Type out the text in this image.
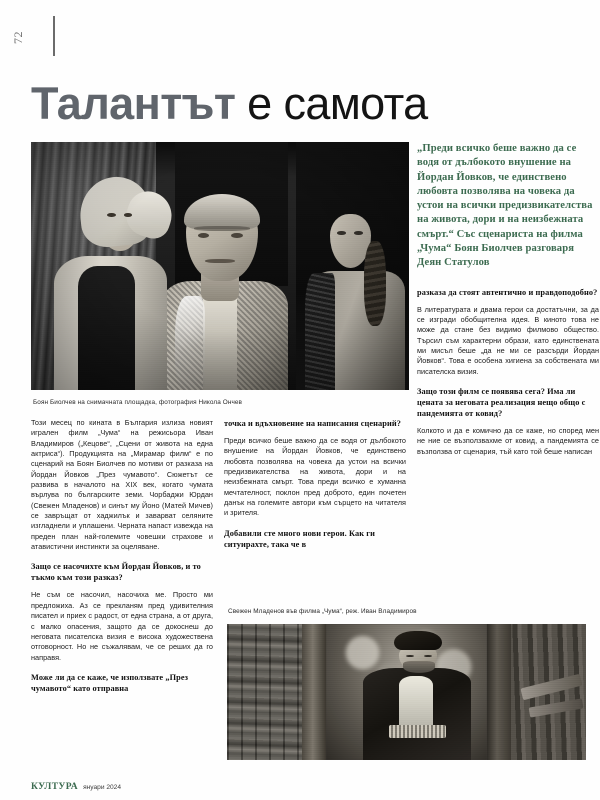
72
Талантът е самота
Боян Биолчев на снимачната площадка, фотография Никола Ончев

Този месец по кината в България излиза новият игрален филм „Чума“ на режисьора Иван Владимиров („Кецове“, „Сцени от живота на една актриса“). Продукцията на „Мирамар филм“ е по сценарий на Боян Биолчев по мотиви от разказа на Йордан Йовков „През чумавото“. Сюжетът се развива в началото на XIX век, когато чумата върлува по българските земи. Чорбаджи Юрдан (Свежен Младенов) и синът му Йоно (Матей Мичев) се завръщат от хаджилък и заварват селяните изгладнели и уплашени. Черната напаст извежда на преден план най-големите човешки страхове и атавистични инстинкти за оцеляване.

Защо се насочихте към Йордан Йовков, и то тъкмо към този разказ?

Не съм се насочил, насочиха ме. Просто ми предложиха. Аз се прекланям пред удивителния писател и приех с радост, от една страна, а от друга, с малко опасения, защото да се докоснеш до неговата писателска визия е висока художествена отговорност. Но не съжалявам, че се реших да го направя.

Може ли да се каже, че използвате „През чумавото“ като отправна

точка и вдъхновение на написания сценарий?

Преди всичко беше важно да се водя от дълбокото внушение на Йордан Йовков, че единствено любовта позволява на човека да устои на всички предизвикателства на живота, дори и на неизбежната смърт. Това преди всичко е хуманна мечтателност, поклон пред доброто, един почетен данък на големите автори към сърцето на читателя и зрителя.

Добавили сте много нови герои. Как ги ситуирахте, така че в

„Преди всичко беше важно да се водя от дълбокото внушение на Йордан Йовков, че единствено любовта позволява на човека да устои на всички предизвикателства на живота, дори и на неизбежната смърт.“ Със сценариста на филма „Чума“ Боян Биолчев разговаря Деян Статулов

разказа да стоят автентично и правдоподобно?

В литературата и двама герои са достатъчни, за да се изгради обобщителна идея. В киното това не може да стане без видимо филмово общество. Търсил съм характерни образи, като единствената ми мисъл беше „да не ми се разсърди Йордан Йовков“. Това е особена хигиена за собствената ми писателска визия.

Защо този филм се появява сега? Има ли цената за неговата реализация нещо общо с пандемията от ковид?

Колкото и да е комично да се каже, но според мен не ние се възползвахме от ковид, а пандемията се възползва от сценария, тъй като той беше написан

Свежен Младенов във филма „Чума“, реж. Иван Владимиров
КУЛТУРА януари 2024
